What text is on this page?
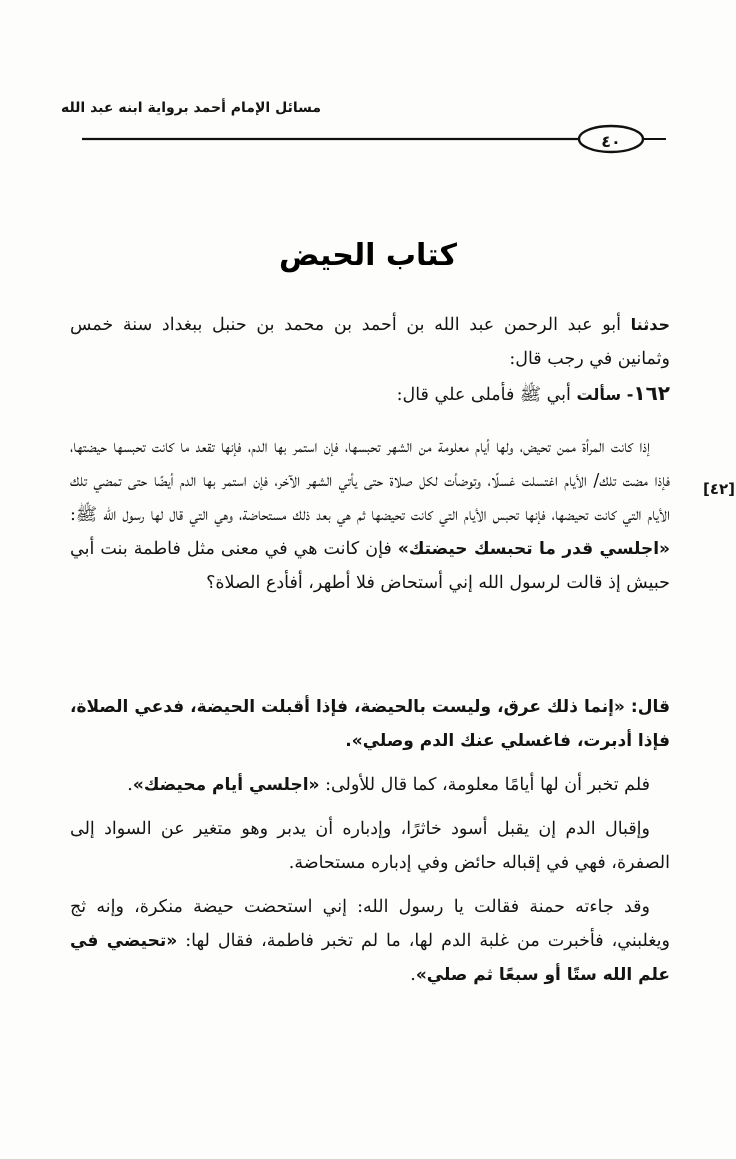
مسائل الإمام أحمد برواية ابنه عبد الله
٤٠
كتاب الحيض
[٤٢]
حدثنا أبو عبد الرحمن عبد الله بن أحمد بن محمد بن حنبل ببغداد سنة خمس وثمانين في رجب قال:
١٦٢- سألت أبي ﷺ فأملى علي قال:
إذا كانت المرأة ممن تحيض، ولها أيام معلومة من الشهر تحبسها، فإن استمر بها الدم، فإنها تقعد ما كانت تحبسها حيضتها، فإذا مضت تلك/ الأيام اغتسلت غسلًا، وتوضأت لكل صلاة حتى يأتي الشهر الآخر، فإن استمر بها الدم أيضًا حتى تمضي تلك الأيام التي كانت تحيضها، فإنها تحبس الأيام التي كانت تحيضها ثم هي بعد ذلك مستحاضة، وهي التي قال لها رسول الله ﷺ: «اجلسي قدر ما تحبسك حيضتك» فإن كانت هي في معنى مثل فاطمة بنت أبي حبيش إذ قالت لرسول الله إني أستحاض فلا أطهر، أفأدع الصلاة؟
قال: «إنما ذلك عرق، وليست بالحيضة، فإذا أقبلت الحيضة، فدعي الصلاة، فإذا أدبرت، فاغسلي عنك الدم وصلي».
فلم تخبر أن لها أيامًا معلومة، كما قال للأولى: «اجلسي أيام محيضك».
وإقبال الدم إن يقبل أسود خاثرًا، وإدباره أن يدبر وهو متغير عن السواد إلى الصفرة، فهي في إقباله حائض وفي إدباره مستحاضة.
وقد جاءته حمنة فقالت يا رسول الله: إني استحضت حيضة منكرة، وإنه ثج ويغلبني، فأخبرت من غلبة الدم لها، ما لم تخبر فاطمة، فقال لها: «تحيضي في علم الله ستًا أو سبعًا ثم صلي».
